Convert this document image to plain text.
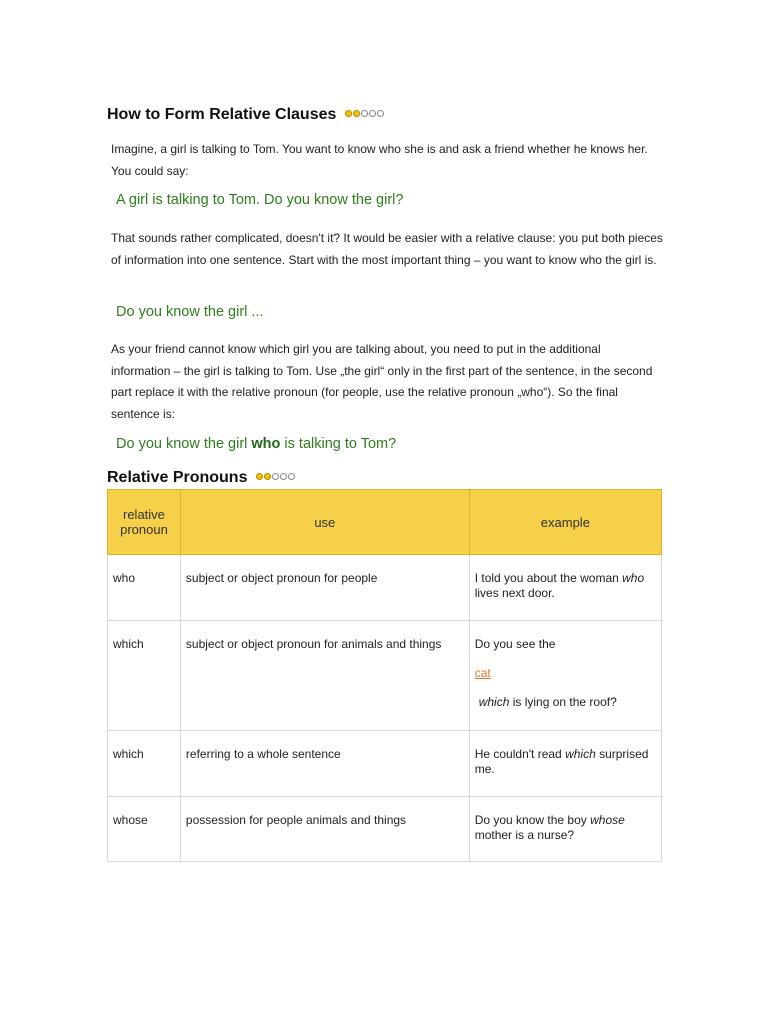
How to Form Relative Clauses

Imagine, a girl is talking to Tom. You want to know who she is and ask a friend whether he knows her. You could say:

A girl is talking to Tom. Do you know the girl?

That sounds rather complicated, doesn't it? It would be easier with a relative clause: you put both pieces of information into one sentence. Start with the most important thing – you want to know who the girl is.

Do you know the girl ...

As your friend cannot know which girl you are talking about, you need to put in the additional information – the girl is talking to Tom. Use „the girl“ only in the first part of the sentence, in the second part replace it with the relative pronoun (for people, use the relative pronoun „who“). So the final sentence is:

Do you know the girl who is talking to Tom?
Relative Pronouns
relative pronoun	use	example
who	subject or object pronoun for people	I told you about the woman who lives next door.
which	subject or object pronoun for animals and things	Do you see the
cat
which is lying on the roof?

which	referring to a whole sentence	He couldn't read which surprised me.
whose	possession for people animals and things	Do you know the boy whose mother is a nurse?
